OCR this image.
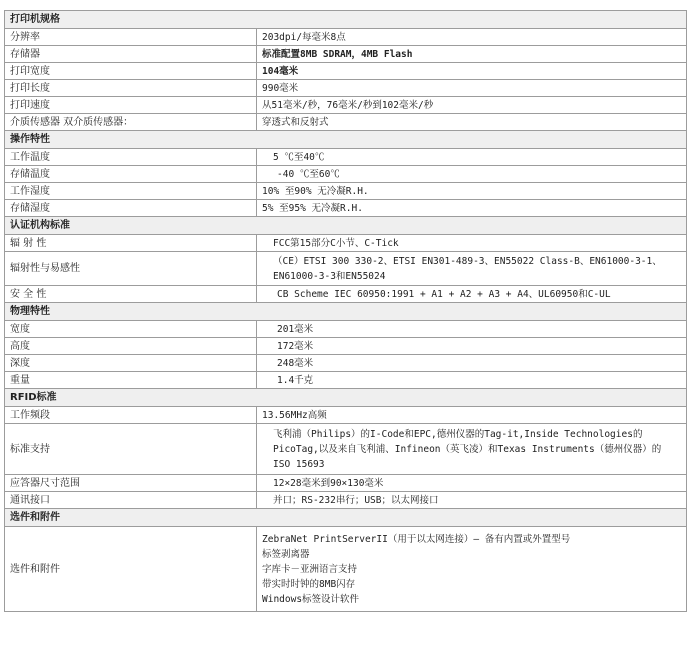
打印机规格	
分辨率	203dpi/每毫米8点
存储器	标准配置8MB SDRAM，4MB Flash
打印宽度	104毫米
打印长度	990毫米
打印速度	从51毫米/秒，76毫米/秒到102毫米/秒
介质传感器 双介质传感器：	穿透式和反射式
操作特性	
工作温度	5 ℃至40℃
存储温度	-40 ℃至60℃
工作湿度	10% 至90% 无冷凝R.H.
存储湿度	5% 至95% 无冷凝R.H.
认证机构标准	
辐 射 性	FCC第15部分C小节、C-Tick
辐射性与易感性	（CE）ETSI 300 330-2、ETSI EN301-489-3、EN55022 Class-B、EN61000-3-1、
EN61000-3-3和EN55024

安 全 性	CB Scheme IEC 60950:1991 + A1 + A2 + A3 + A4、UL60950和C-UL
物理特性	
宽度	201毫米
高度	172毫米
深度	248毫米
重量	1.4千克
RFID标准	
工作频段	13.56MHz高频
标准支持	飞利浦（Philips）的I-Code和EPC,德州仪器的Tag-it,Inside Technologies的
PicoTag,以及来自飞利浦、Infineon（英飞凌）和Texas Instruments（德州仪器）的
ISO 15693

应答器尺寸范围	12×28毫米到90×130毫米
通讯接口	并口；RS-232串行；USB；以太网接口
选件和附件	
选件和附件	ZebraNet PrintServerII（用于以太网连接）— 备有内置或外置型号
标签剥离器
字库卡－亚洲语言支持
带实时时钟的8MB闪存
Windows标签设计软件
